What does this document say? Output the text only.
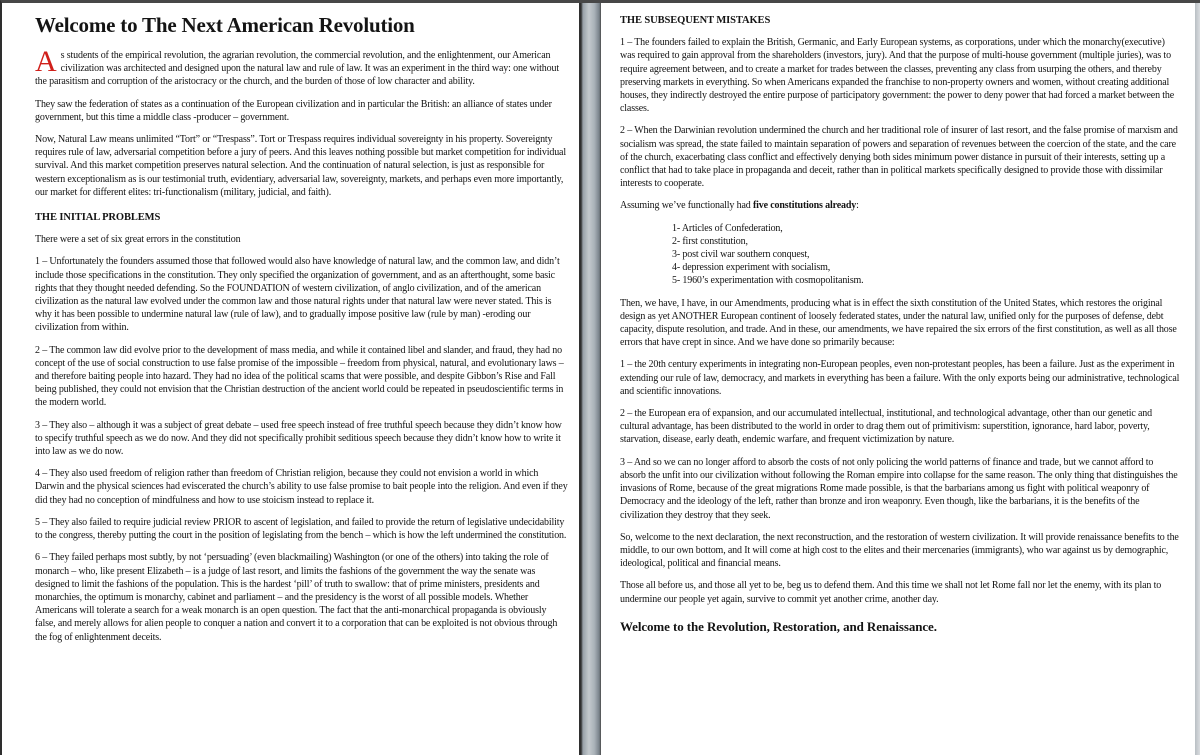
Welcome to The Next American Revolution

As students of the empirical revolution, the agrarian revolution, the commercial revolution, and the enlightenment, our American civilization was architected and designed upon the natural law and rule of law. It was an experiment in the third way: one without the parasitism and corruption of the aristocracy or the church, and the burden of those of low character and ability.

They saw the federation of states as a continuation of the European civilization and in particular the British: an alliance of states under government, but this time a middle class -producer – government.

Now, Natural Law means unlimited “Tort” or “Trespass”. Tort or Trespass requires individual sovereignty in his property. Sovereignty requires rule of law, adversarial competition before a jury of peers. And this leaves nothing possible but market competition for individual survival. And this market competition preserves natural selection. And the continuation of natural selection, is just as responsible for western exceptionalism as is our testimonial truth, evidentiary, adversarial law, sovereignty, markets, and perhaps even more importantly, our market for different elites: tri-functionalism (military, judicial, and faith).

THE INITIAL PROBLEMS

There were a set of six great errors in the constitution

1 – Unfortunately the founders assumed those that followed would also have knowledge of natural law, and the common law, and didn’t include those specifications in the constitution. They only specified the organization of government, and as an afterthought, some basic rights that they thought needed defending. So the FOUNDATION of western civilization, of anglo civilization, and of the american civilization as the natural law evolved under the common law and those natural rights under that natural law were never stated. This is why it has been possible to undermine natural law (rule of law), and to gradually impose positive law (rule by man) -eroding our civilization from within.

2 – The common law did evolve prior to the development of mass media, and while it contained libel and slander, and fraud, they had no concept of the use of social construction to use false promise of the impossible – freedom from physical, natural, and evolutionary laws – and therefore baiting people into hazard. They had no idea of the political scams that were possible, and despite Gibbon’s Rise and Fall being published, they could not envision that the Christian destruction of the ancient world could be repeated in pseudoscientific terms in the modern world.

3 – They also – although it was a subject of great debate – used free speech instead of free truthful speech because they didn’t know how to specify truthful speech as we do now. And they did not specifically prohibit seditious speech because they didn’t know how to write it into law as we do now.

4 – They also used freedom of religion rather than freedom of Christian religion, because they could not envision a world in which Darwin and the physical sciences had eviscerated the church’s ability to use false promise to bait people into the religion. And even if they did they had no conception of mindfulness and how to use stoicism instead to replace it.

5 – They also failed to require judicial review PRIOR to ascent of legislation, and failed to provide the return of legislative undecidability to the congress, thereby putting the court in the position of legislating from the bench – which is how the left undermined the constitution.

6 – They failed perhaps most subtly, by not ‘persuading’ (even blackmailing) Washington (or one of the others) into taking the role of monarch – who, like present Elizabeth – is a judge of last resort, and limits the fashions of the government the way the senate was designed to limit the fashions of the population. This is the hardest ‘pill’ of truth to swallow: that of prime ministers, presidents and monarchies, the optimum is monarchy, cabinet and parliament – and the presidency is the worst of all possible models. Whether Americans will tolerate a search for a weak monarch is an open question. The fact that the anti-monarchical propaganda is obviously false, and merely allows for alien people to conquer a nation and convert it to a corporation that can be exploited is not obvious through the fog of enlightenment deceits.

THE SUBSEQUENT MISTAKES

1 – The founders failed to explain the British, Germanic, and Early European systems, as corporations, under which the monarchy(executive) was required to gain approval from the shareholders (investors, jury). And that the purpose of multi-house government (multiple juries), was to require agreement between, and to create a market for trades between the classes, preventing any class from usurping the others, and thereby preserving markets in everything. So when Americans expanded the franchise to non-property owners and women, without creating additional houses, they indirectly destroyed the entire purpose of participatory government: the power to deny power that had forced a market between the classes.

2 – When the Darwinian revolution undermined the church and her traditional role of insurer of last resort, and the false promise of marxism and socialism was spread, the state failed to maintain separation of powers and separation of revenues between the coercion of the state, and the care of the church, exacerbating class conflict and effectively denying both sides minimum power distance in pursuit of their interests, setting up a conflict that had to take place in propaganda and deceit, rather than in political markets specifically designed to provide those with dissimilar interests to cooperate.

Assuming we’ve functionally had five constitutions already:

1- Articles of Confederation,
2- first constitution,
3- post civil war southern conquest,
4- depression experiment with socialism,
5- 1960’s experimentation with cosmopolitanism.

Then, we have, I have, in our Amendments, producing what is in effect the sixth constitution of the United States, which restores the original design as yet ANOTHER European continent of loosely federated states, under the natural law, unified only for the purposes of defense, debt capacity, dispute resolution, and trade. And in these, our amendments, we have repaired the six errors of the first constitution, as well as all those errors that have crept in since. And we have done so primarily because:

1 – the 20th century experiments in integrating non-European peoples, even non-protestant peoples, has been a failure. Just as the experiment in extending our rule of law, democracy, and markets in everything has been a failure. With the only exports being our administrative, technological and scientific innovations.

2 – the European era of expansion, and our accumulated intellectual, institutional, and technological advantage, other than our genetic and cultural advantage, has been distributed to the world in order to drag them out of primitivism: superstition, ignorance, hard labor, poverty, starvation, disease, early death, endemic warfare, and frequent victimization by nature.

3 – And so we can no longer afford to absorb the costs of not only policing the world patterns of finance and trade, but we cannot afford to absorb the unfit into our civilization without following the Roman empire into collapse for the same reason. The only thing that distinguishes the invasions of Rome, because of the great migrations Rome made possible, is that the barbarians among us fight with political weaponry of Democracy and the ideology of the left, rather than bronze and iron weaponry. Even though, like the barbarians, it is the benefits of the civilization they destroy that they seek.

So, welcome to the next declaration, the next reconstruction, and the restoration of western civilization. It will provide renaissance benefits to the middle, to our own bottom, and It will come at high cost to the elites and their mercenaries (immigrants), who war against us by demographic, ideological, political and financial means.

Those all before us, and those all yet to be, beg us to defend them. And this time we shall not let Rome fall nor let the enemy, with its plan to undermine our people yet again, survive to commit yet another crime, another day.

Welcome to the Revolution, Restoration, and Renaissance.
